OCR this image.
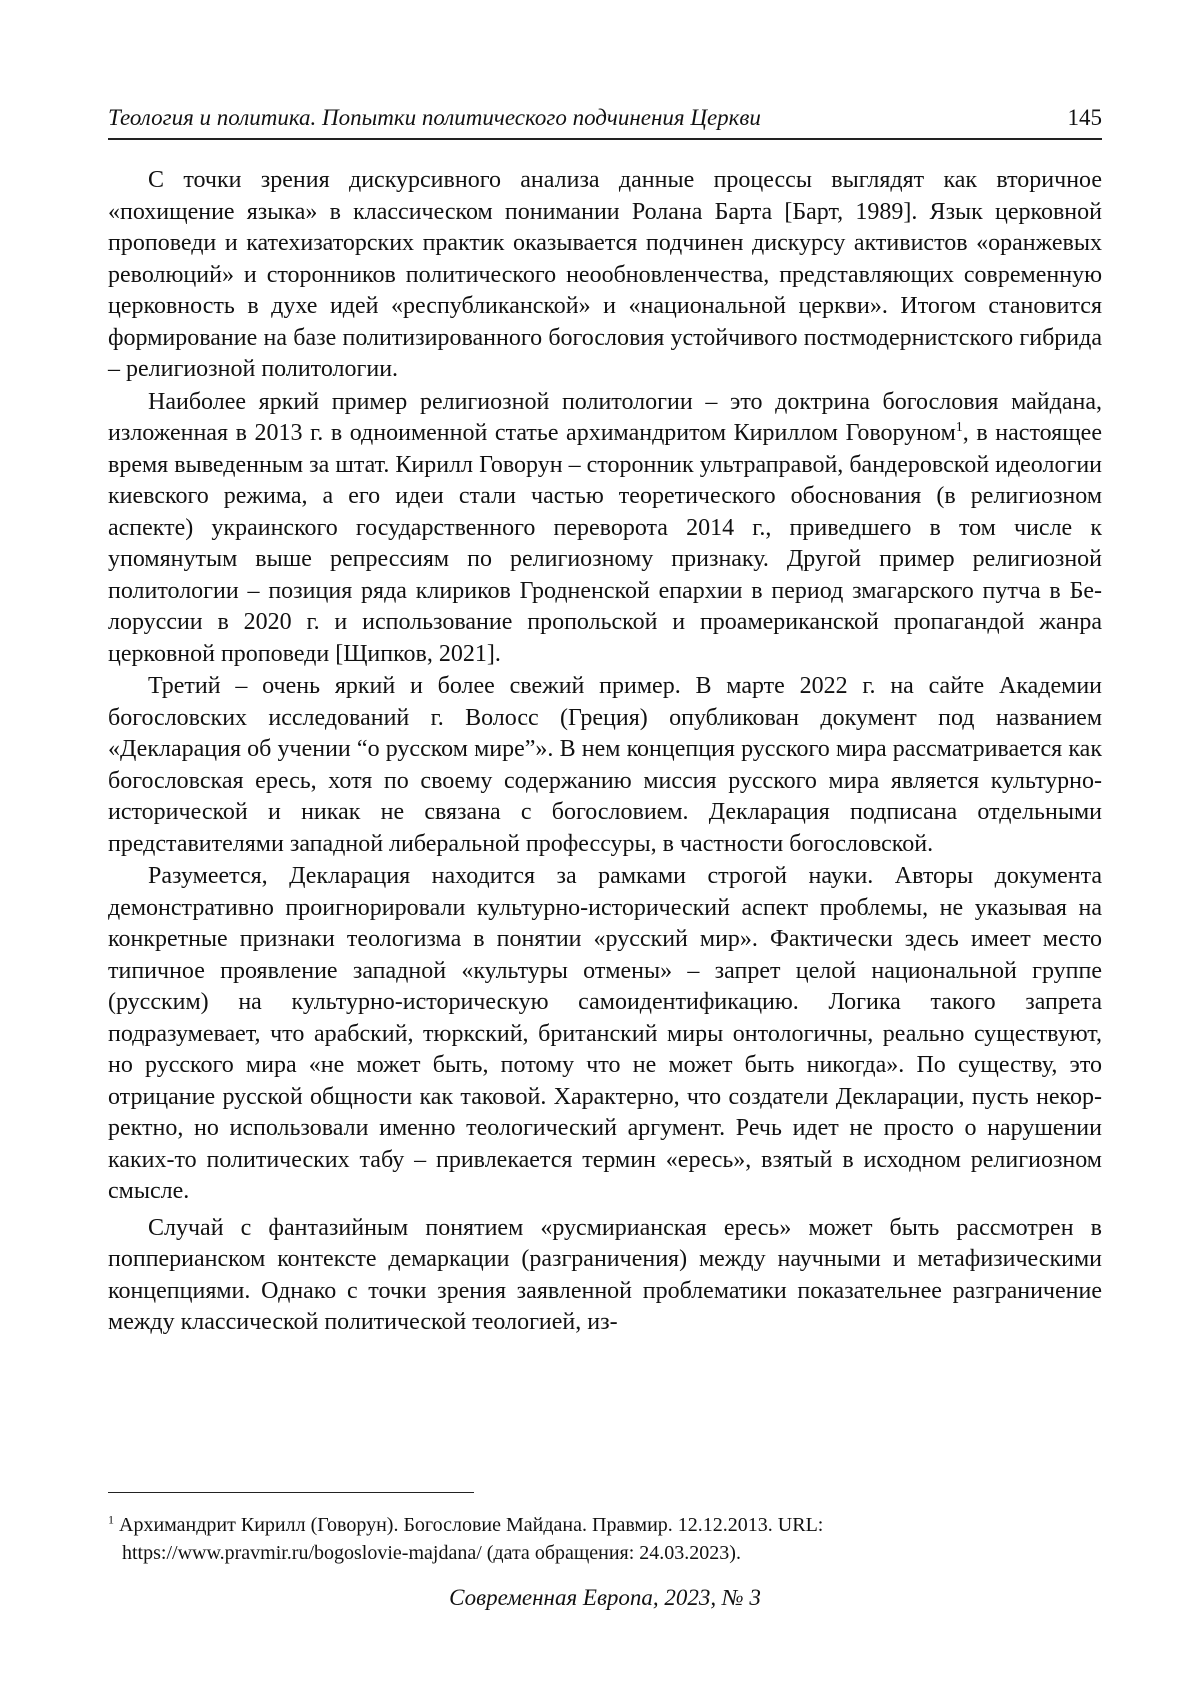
Теология и политика. Попытки политического подчинения Церкви	145

С точки зрения дискурсивного анализа данные процессы выглядят как вторичное «похищение языка» в классическом понимании Ролана Барта [Барт, 1989]. Язык церковной проповеди и катехизаторских практик оказывается подчинен дискурсу активистов «оранжевых революций» и сторонников политического неообновленчества, представляющих современную церковность в духе идей «республиканской» и «национальной церкви». Итогом становится формирование на базе политизированного богословия устойчивого постмодернистского гибрида – религиозной политологии.

Наиболее яркий пример религиозной политологии – это доктрина богословия майдана, изложенная в 2013 г. в одноименной статье архимандритом Кириллом Говоруном$^1$, в настоящее время выведенным за штат. Кирилл Говорун – сторонник ультраправой, бандеровской идеологии киевского режима, а его идеи стали частью теоретического обоснования (в религиозном аспекте) украинского государственного переворота 2014 г., приведшего в том числе к упомянутым выше репрессиям по религиозному признаку. Другой пример религиозной политологии – позиция ряда клириков Гродненской епархии в период змагарского путча в Белоруссии в 2020 г. и использование пропольской и проамериканской пропагандой жанра церковной проповеди [Щипков, 2021].

Третий – очень яркий и более свежий пример. В марте 2022 г. на сайте Академии богословских исследований г. Волосс (Греция) опубликован документ под названием «Декларация об учении “о русском мире”». В нем концепция русского мира рассматривается как богословская ересь, хотя по своему содержанию миссия русского мира является культурно-исторической и никак не связана с богословием. Декларация подписана отдельными представителями западной либеральной профессуры, в частности богословской.

Разумеется, Декларация находится за рамками строгой науки. Авторы документа демонстративно проигнорировали культурно-исторический аспект проблемы, не указывая на конкретные признаки теологизма в понятии «русский мир». Фактически здесь имеет место типичное проявление западной «культуры отмены» – запрет целой национальной группе (русским) на культурно-историческую самоидентификацию. Логика такого запрета подразумевает, что арабский, тюркский, британский миры онтологичны, реально существуют, но русского мира «не может быть, потому что не может быть никогда». По существу, это отрицание русской общности как таковой. Характерно, что создатели Декларации, пусть некорректно, но использовали именно теологический аргумент. Речь идет не просто о нарушении каких-то политических табу – привлекается термин «ересь», взятый в исходном религиозном смысле.

Случай с фантазийным понятием «русмирианская ересь» может быть рассмотрен в попперианском контексте демаркации (разграничения) между научными и метафизическими концепциями. Однако с точки зрения заявленной проблематики показательнее разграничение между классической политической теологией, из-

$^1$ Архимандрит Кирилл (Говорун). Богословие Майдана. Правмир. 12.12.2013. URL:
https://www.pravmir.ru/bogoslovie-majdana/ (дата обращения: 24.03.2023).
Современная Европа, 2023, № 3
